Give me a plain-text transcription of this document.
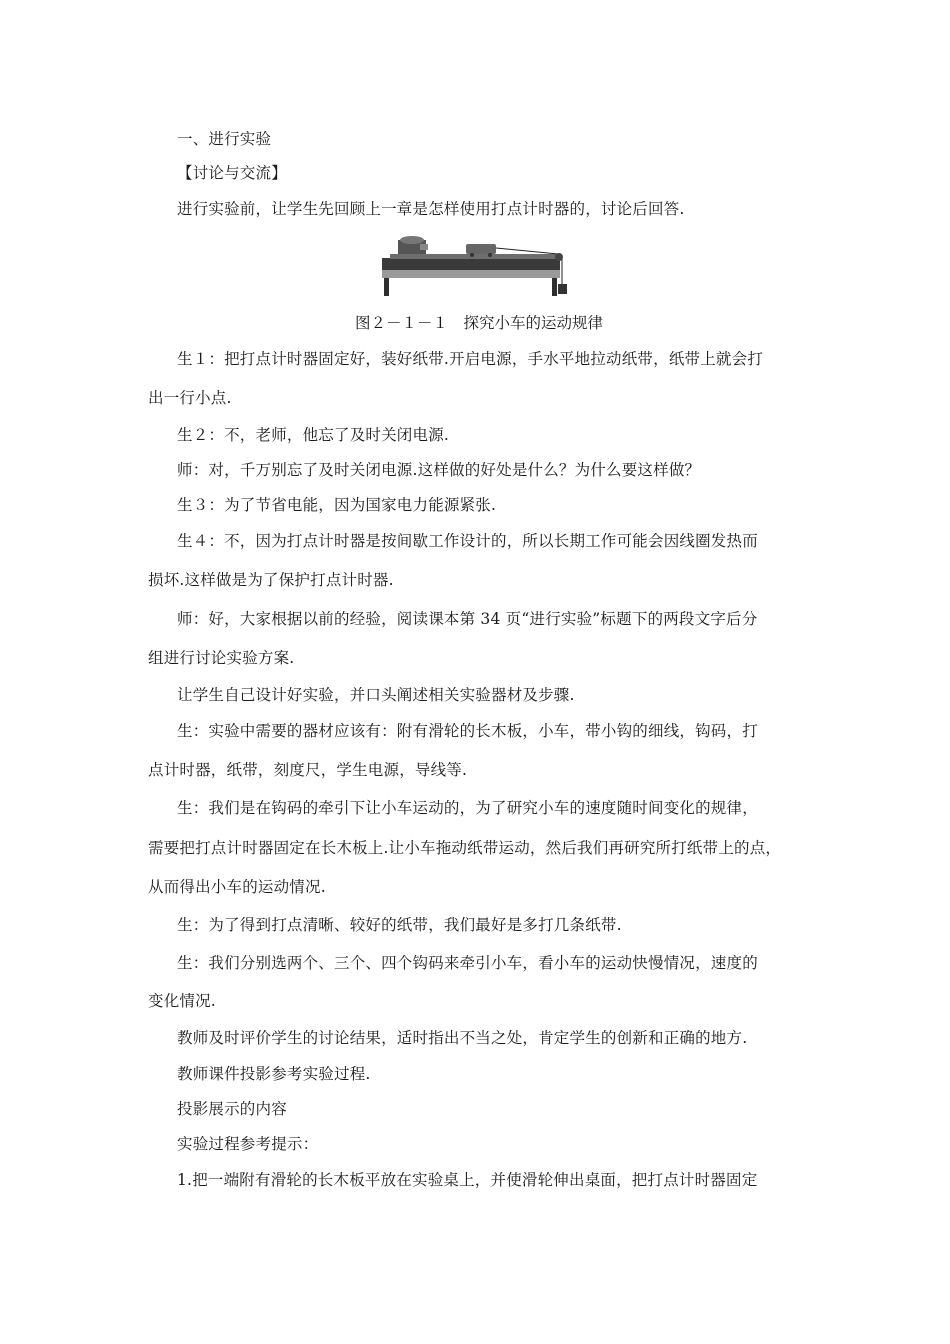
一、进行实验
【讨论与交流】
进行实验前，让学生先回顾上一章是怎样使用打点计时器的，讨论后回答.
图２－１－１　探究小车的运动规律
生１：把打点计时器固定好，装好纸带.开启电源，手水平地拉动纸带，纸带上就会打
出一行小点.
生２：不，老师，他忘了及时关闭电源.
师：对，千万别忘了及时关闭电源.这样做的好处是什么？为什么要这样做？
生３：为了节省电能，因为国家电力能源紧张.
生４：不，因为打点计时器是按间歇工作设计的，所以长期工作可能会因线圈发热而
损坏.这样做是为了保护打点计时器.
师：好，大家根据以前的经验，阅读课本第 34 页“进行实验”标题下的两段文字后分
组进行讨论实验方案.
让学生自己设计好实验，并口头阐述相关实验器材及步骤.
生：实验中需要的器材应该有：附有滑轮的长木板，小车，带小钩的细线，钩码，打
点计时器，纸带，刻度尺，学生电源，导线等.
生：我们是在钩码的牵引下让小车运动的，为了研究小车的速度随时间变化的规律，
需要把打点计时器固定在长木板上.让小车拖动纸带运动，然后我们再研究所打纸带上的点，
从而得出小车的运动情况.
生：为了得到打点清晰、较好的纸带，我们最好是多打几条纸带.
生：我们分别选两个、三个、四个钩码来牵引小车，看小车的运动快慢情况，速度的
变化情况.
教师及时评价学生的讨论结果，适时指出不当之处，肯定学生的创新和正确的地方.
教师课件投影参考实验过程.
投影展示的内容
实验过程参考提示：
1.把一端附有滑轮的长木板平放在实验桌上，并使滑轮伸出桌面，把打点计时器固定
